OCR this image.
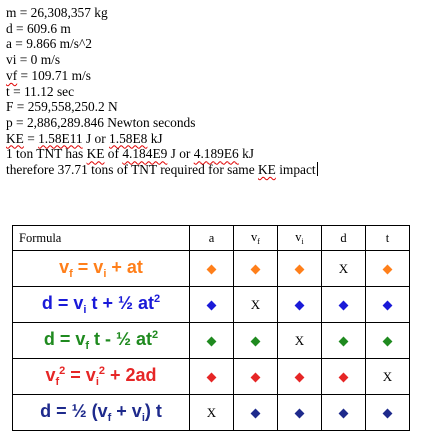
m = 26,308,357 kg
d = 609.6 m
a = 9.866 m/s^2
vi = 0 m/s
vf = 109.71 m/s
t = 11.12 sec
F = 259,558,250.2 N
p = 2,886,289.846 Newton seconds
KE = 1.58E11 J or 1.58E8 kJ
1 ton TNT has KE of 4.184E9 J or 4.189E6 kJ
therefore 37.71 tons of TNT required for same KE impact
Formula	a	$v_f$	$v_i$	d	t
$v_f = v_i$ + at				X	
$d = v_i$ t + ½ $at^2$		X			
$d = v_f$ t - ½ $at^2$			X		
$v_f^2 = v_i^2 + 2ad$					X
d = ½ $(v_f + v_i)$ t	X				
